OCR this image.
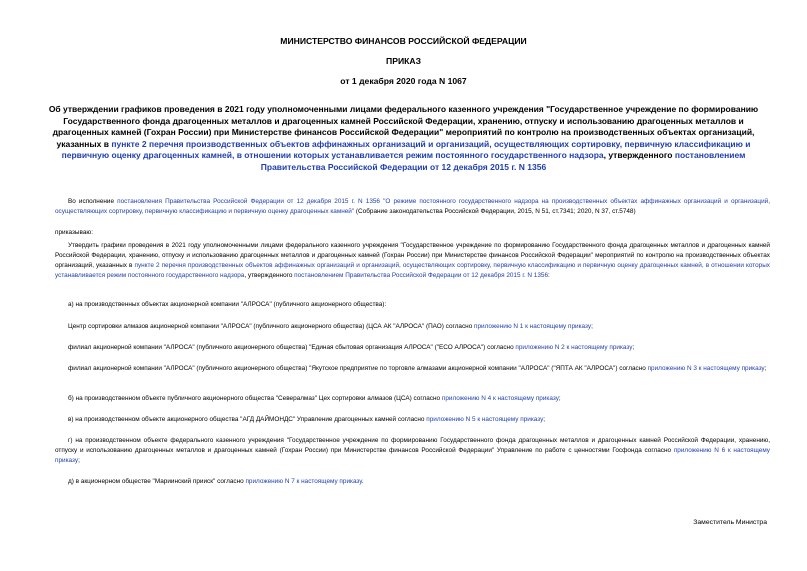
МИНИСТЕРСТВО ФИНАНСОВ РОССИЙСКОЙ ФЕДЕРАЦИИ
ПРИКАЗ
от 1 декабря 2020 года N 1067
Об утверждении графиков проведения в 2021 году уполномоченными лицами федерального казенного учреждения "Государственное учреждение по формированию Государственного фонда драгоценных металлов и драгоценных камней Российской Федерации, хранению, отпуску и использованию драгоценных металлов и драгоценных камней (Гохран России) при Министерстве финансов Российской Федерации" мероприятий по контролю на производственных объектах организаций, указанных в пункте 2 перечня производственных объектов аффинажных организаций и организаций, осуществляющих сортировку, первичную классификацию и первичную оценку драгоценных камней, в отношении которых устанавливается режим постоянного государственного надзора, утвержденного постановлением Правительства Российской Федерации от 12 декабря 2015 г. N 1356
Во исполнение постановления Правительства Российской Федерации от 12 декабря 2015 г. N 1356 "О режиме постоянного государственного надзора на производственных объектах аффинажных организаций и организаций, осуществляющих сортировку, первичную классификацию и первичную оценку драгоценных камней" (Собрание законодательства Российской Федерации, 2015, N 51, ст.7341; 2020, N 37, ст.5748)
приказываю:
Утвердить графики проведения в 2021 году уполномоченными лицами федерального казенного учреждения "Государственное учреждение по формированию Государственного фонда драгоценных металлов и драгоценных камней Российской Федерации, хранению, отпуску и использованию драгоценных металлов и драгоценных камней (Гохран России) при Министерстве финансов Российской Федерации" мероприятий по контролю на производственных объектах организаций, указанных в пункте 2 перечня производственных объектов аффинажных организаций и организаций, осуществляющих сортировку, первичную классификацию и первичную оценку драгоценных камней, в отношении которых устанавливается режим постоянного государственного надзора, утвержденного постановлением Правительства Российской Федерации от 12 декабря 2015 г. N 1356:
а) на производственных объектах акционерной компании "АЛРОСА" (публичного акционерного общества):
Центр сортировки алмазов акционерной компании "АЛРОСА" (публичного акционерного общества) (ЦСА АК "АЛРОСА" (ПАО) согласно приложению N 1 к настоящему приказу;
филиал акционерной компании "АЛРОСА" (публичного акционерного общества) "Единая сбытовая организация АЛРОСА" ("ЕСО АЛРОСА") согласно приложению N 2 к настоящему приказу;
филиал акционерной компании "АЛРОСА" (публичного акционерного общества) "Якутское предприятие по торговле алмазами акционерной компании "АЛРОСА" ("ЯПТА АК "АЛРОСА") согласно приложению N 3 к настоящему приказу;
б) на производственном объекте публичного акционерного общества "Севералмаз" Цех сортировки алмазов (ЦСА) согласно приложению N 4 к настоящему приказу;
в) на производственном объекте акционерного общества "АГД ДАЙМОНДС" Управление драгоценных камней согласно приложению N 5 к настоящему приказу;
г) на производственном объекте федерального казенного учреждения "Государственное учреждение по формированию Государственного фонда драгоценных металлов и драгоценных камней Российской Федерации, хранению, отпуску и использованию драгоценных металлов и драгоценных камней (Гохран России) при Министерстве финансов Российской Федерации" Управление по работе с ценностями Госфонда согласно приложению N 6 к настоящему приказу;
д) в акционерном обществе "Мариинский прииск" согласно приложению N 7 к настоящему приказу.
Заместитель Министра
